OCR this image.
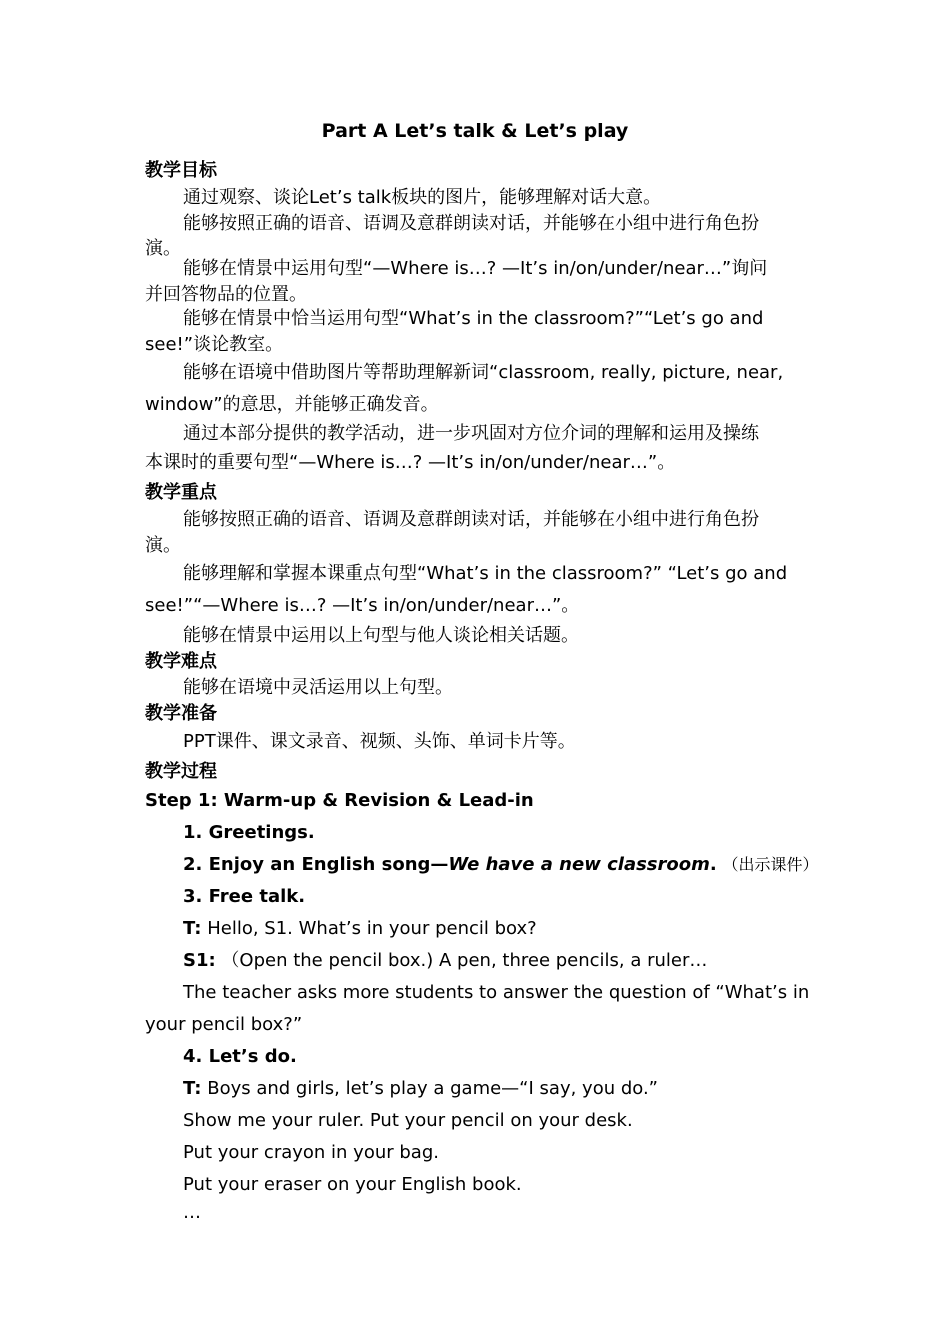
Part A Let’s talk & Let’s play
教学目标
通过观察、谈论Let’s talk板块的图片，能够理解对话大意。
能够按照正确的语音、语调及意群朗读对话，并能够在小组中进行角色扮
演。
能够在情景中运用句型“—Where is…? —It’s in/on/under/near…”询问
并回答物品的位置。
能够在情景中恰当运用句型“What’s in the classroom?”“Let’s go and
see!”谈论教室。
能够在语境中借助图片等帮助理解新词“classroom, really, picture, near,
window”的意思，并能够正确发音。
通过本部分提供的教学活动，进一步巩固对方位介词的理解和运用及操练
本课时的重要句型“—Where is…? —It’s in/on/under/near…”。
教学重点
能够按照正确的语音、语调及意群朗读对话，并能够在小组中进行角色扮
演。
能够理解和掌握本课重点句型“What’s in the classroom?” “Let’s go and
see!”“—Where is…? —It’s in/on/under/near…”。
能够在情景中运用以上句型与他人谈论相关话题。
教学难点
能够在语境中灵活运用以上句型。
教学准备
PPT课件、课文录音、视频、头饰、单词卡片等。
教学过程
Step 1: Warm-up & Revision & Lead-in
1. Greetings.
2. Enjoy an English song—We have a new classroom. （出示课件）
3. Free talk.
T: Hello, S1. What’s in your pencil box?
S1: （Open the pencil box.) A pen, three pencils, a ruler…
The teacher asks more students to answer the question of “What’s in
your pencil box?”
4. Let’s do.
T: Boys and girls, let’s play a game—“I say, you do.”
Show me your ruler. Put your pencil on your desk.
Put your crayon in your bag.
Put your eraser on your English book.
…
